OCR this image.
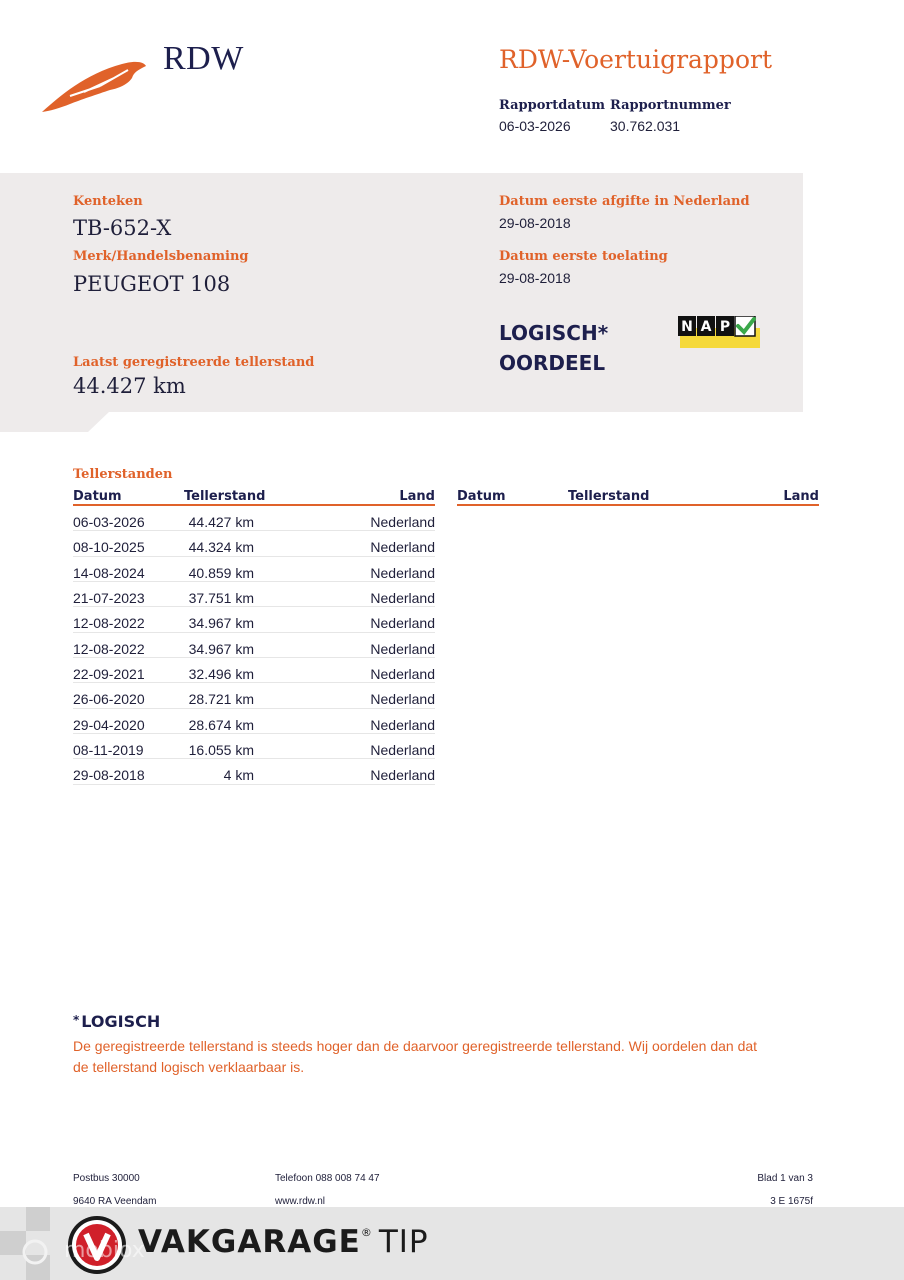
RDW	RDW-Voertuigrapport
Rapportdatum
06-03-2026
Rapportnummer
30.762.031
Kenteken
TB-652-X
Merk/Handelsbenaming
PEUGEOT 108
Laatst geregistreerde tellerstand
44.427 km
Datum eerste afgifte in Nederland
29-08-2018
Datum eerste toelating
29-08-2018
LOGISCH*
OORDEEL
N A P
Tellerstanden
Datum	Tellerstand	Land Datum	Tellerstand	Land
06-03-2026	44.427 km	Nederland
08-10-2025	44.324 km	Nederland
14-08-2024	40.859 km	Nederland
21-07-2023	37.751 km	Nederland
12-08-2022	34.967 km	Nederland
12-08-2022	34.967 km	Nederland
22-09-2021	32.496 km	Nederland
26-06-2020	28.721 km	Nederland
29-04-2020	28.674 km	Nederland
08-11-2019	16.055 km	Nederland
29-08-2018	4 km	Nederland
* LOGISCH
De geregistreerde tellerstand is steeds hoger dan de daarvoor geregistreerde tellerstand. Wij oordelen dan dat de tellerstand logisch verklaarbaar is.
Postbus 30000
9640 RA Veendam
Telefoon 088 008 74 47
www.rdw.nl
Blad 1 van 3
3 E 1675f
VAKGARAGE® TIP
mobiox
